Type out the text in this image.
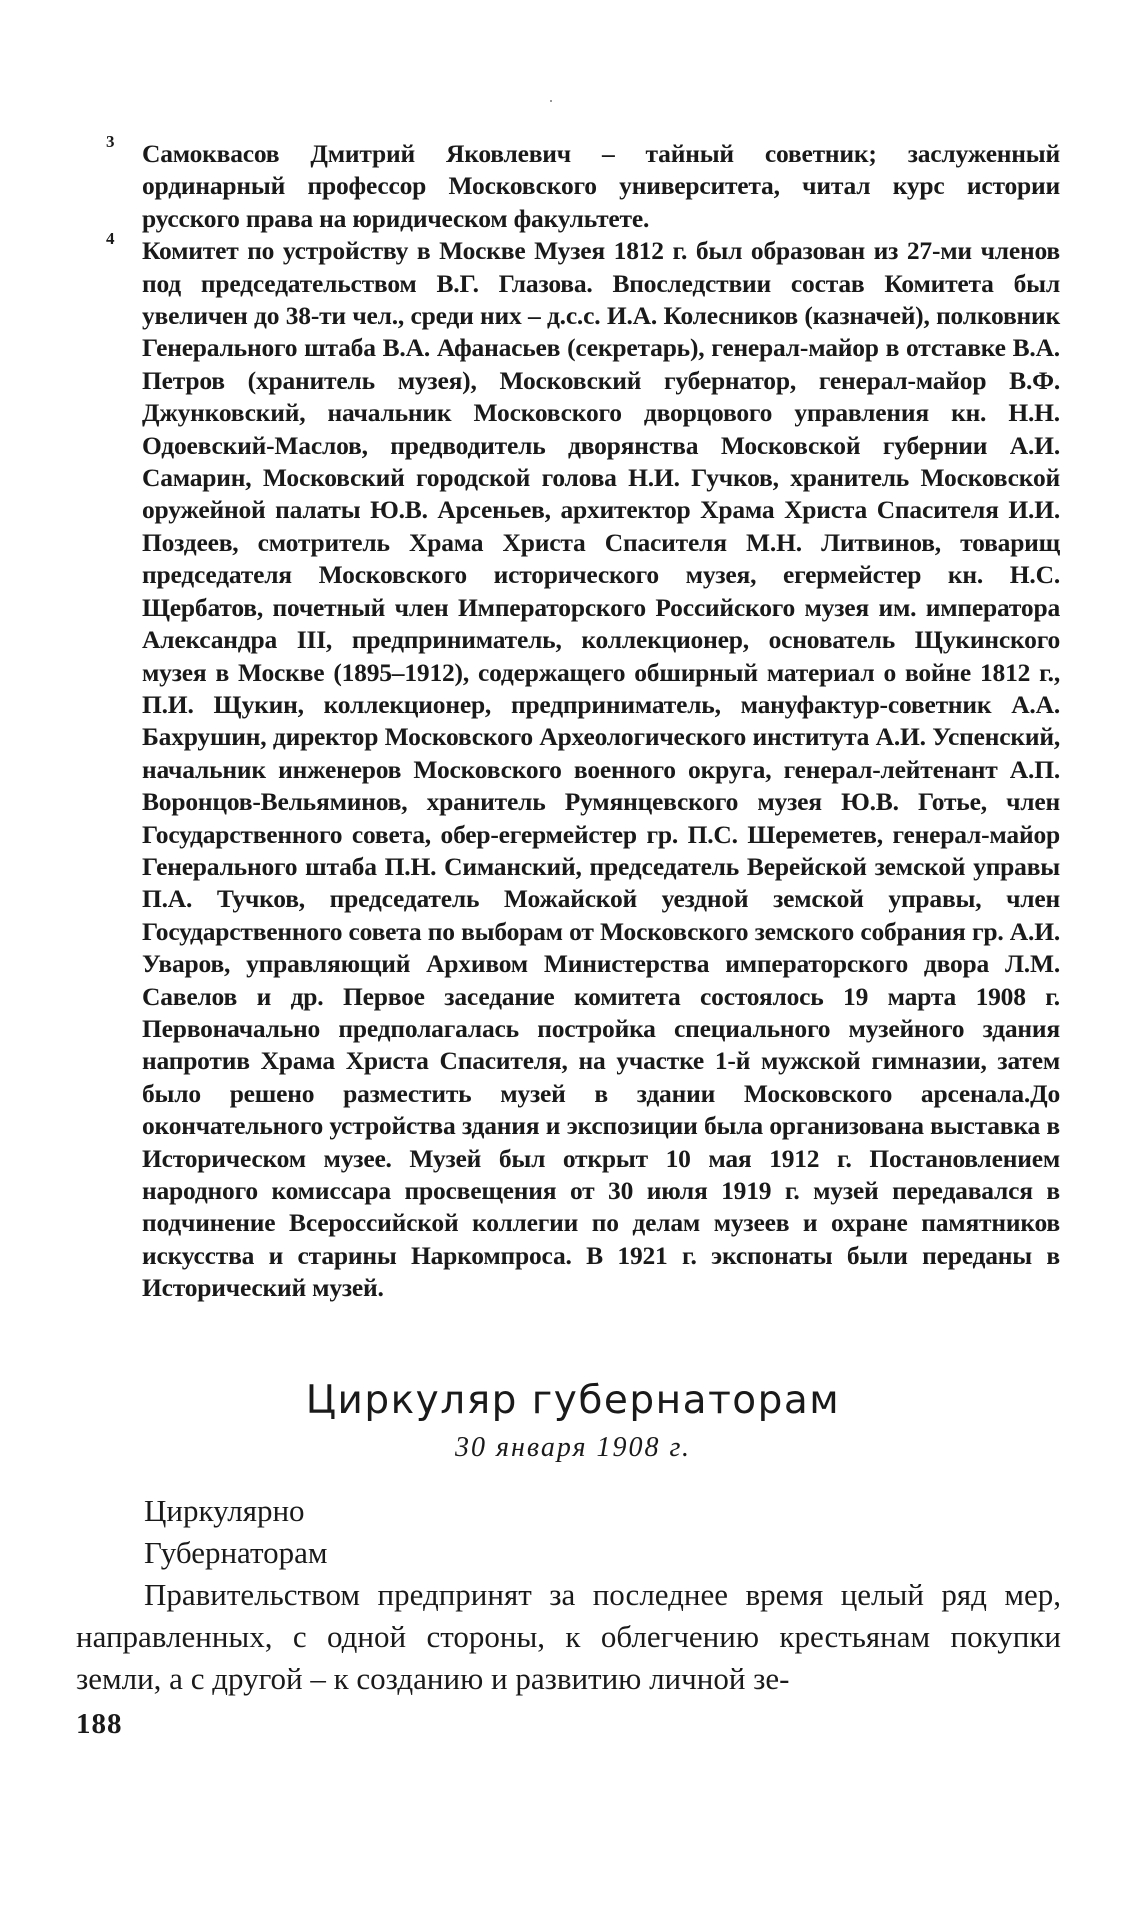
3 Самоквасов Дмитрий Яковлевич – тайный советник; заслуженный ординарный профессор Московского университета, читал курс истории русского права на юридическом факультете.

4 Комитет по устройству в Москве Музея 1812 г. был образован из 27-ми членов под председательством В.Г. Глазова. Впоследствии состав Комитета был увеличен до 38-ти чел., среди них – д.с.с. И.А. Колесников (казначей), полковник Генерального штаба В.А. Афанасьев (секретарь), генерал-майор в отставке В.А. Петров (хранитель музея), Московский губернатор, генерал-майор В.Ф. Джунковский, начальник Московского дворцового управления кн. Н.Н. Одоевский-Маслов, предводитель дворянства Московской губернии А.И. Самарин, Московский городской голова Н.И. Гучков, хранитель Московской оружейной палаты Ю.В. Арсеньев, архитектор Храма Христа Спасителя И.И. Поздеев, смотритель Храма Христа Спасителя М.Н. Литвинов, товарищ председателя Московского исторического музея, егермейстер кн. Н.С. Щербатов, почетный член Императорского Российского музея им. императора Александра III, предприниматель, коллекционер, основатель Щукинского музея в Москве (1895–1912), содержащего обширный материал о войне 1812 г., П.И. Щукин, коллекционер, предприниматель, мануфактур-советник А.А. Бахрушин, директор Московского Археологического института А.И. Успенский, начальник инженеров Московского военного округа, генерал-лейтенант А.П. Воронцов-Вельяминов, хранитель Румянцевского музея Ю.В. Готье, член Государственного совета, обер-егермейстер гр. П.С. Шереметев, генерал-майор Генерального штаба П.Н. Симанский, председатель Верейской земской управы П.А. Тучков, председатель Можайской уездной земской управы, член Государственного совета по выборам от Московского земского собрания гр. А.И. Уваров, управляющий Архивом Министерства императорского двора Л.М. Савелов и др. Первое заседание комитета состоялось 19 марта 1908 г. Первоначально предполагалась постройка специального музейного здания напротив Храма Христа Спасителя, на участке 1-й мужской гимназии, затем было решено разместить музей в здании Московского арсенала.До окончательного устройства здания и экспозиции была организована выставка в Историческом музее. Музей был открыт 10 мая 1912 г. Постановлением народного комиссара просвещения от 30 июля 1919 г. музей передавался в подчинение Всероссийской коллегии по делам музеев и охране памятников искусства и старины Наркомпроса. В 1921 г. экспонаты были переданы в Исторический музей.

Циркуляр губернаторам
30 января 1908 г.

Циркулярно

Губернаторам

Правительством предпринят за последнее время целый ряд мер, направленных, с одной стороны, к облегчению крестьянам покупки земли, а с другой – к созданию и развитию личной зе-

188
